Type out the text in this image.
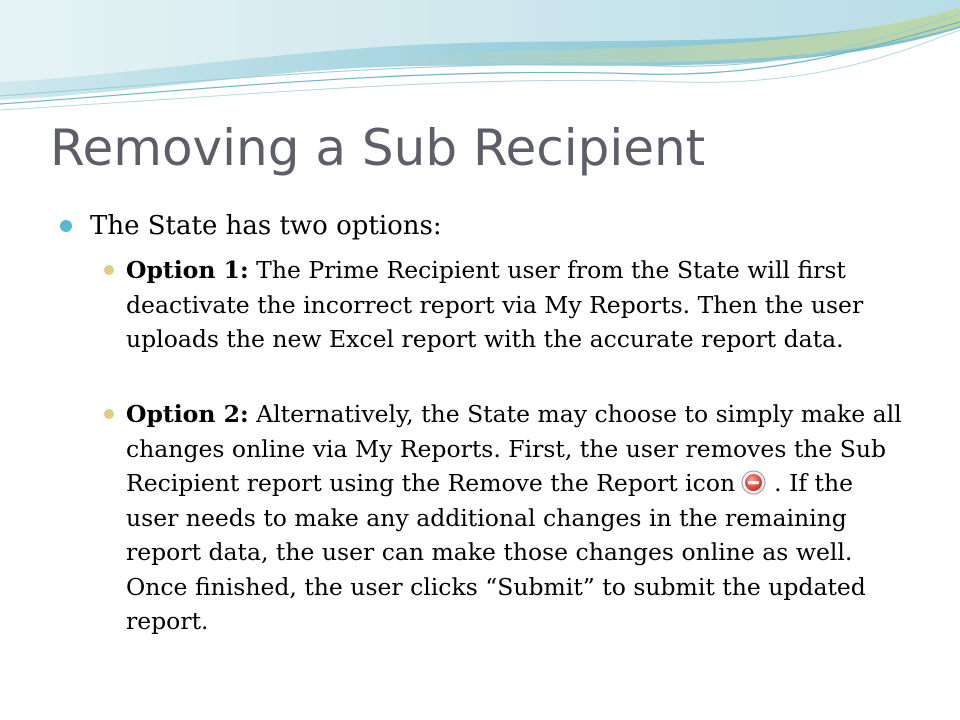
Removing a Sub Recipient
The State has two options:

Option 1: The Prime Recipient user from the State will first deactivate the incorrect report via My Reports. Then the user uploads the new Excel report with the accurate report data.

Option 2: Alternatively, the State may choose to simply make all changes online via My Reports. First, the user removes the Sub Recipient report using the Remove the Report icon . If the user needs to make any additional changes in the remaining report data, the user can make those changes online as well. Once finished, the user clicks “Submit” to submit the updated report.
